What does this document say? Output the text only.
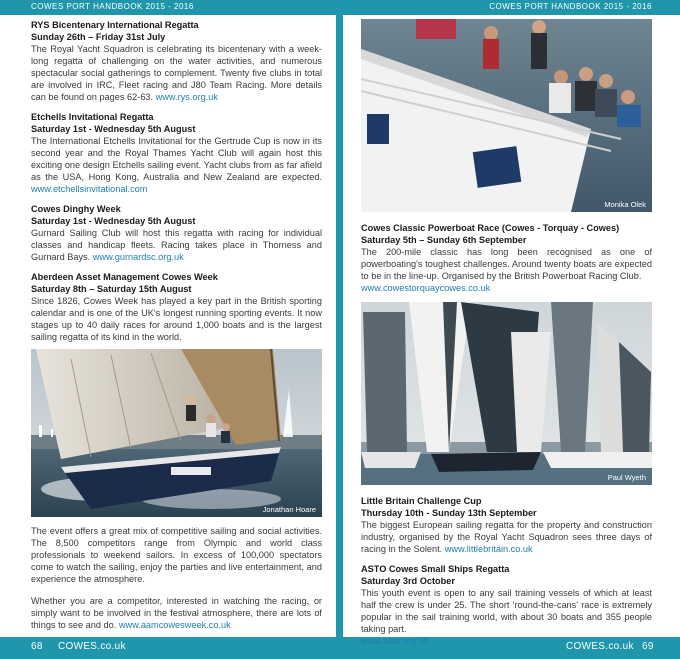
COWES PORT HANDBOOK 2015 - 2016	COWES PORT HANDBOOK 2015 - 2016
RYS Bicentenary International Regatta
Sunday 26th – Friday 31st July
The Royal Yacht Squadron is celebrating its bicentenary with a week-long regatta of challenging on the water activities, and numerous spectacular social gatherings to complement. Twenty five clubs in total are involved in IRC, Fleet racing and J80 Team Racing. More details can be found on pages 62-63. www.rys.org.uk
Etchells Invitational Regatta
Saturday 1st - Wednesday 5th August
The International Etchells Invitational for the Gertrude Cup is now in its second year and the Royal Thames Yacht Club will again host this exciting one design Etchells sailing event. Yacht clubs from as far afield as the USA, Hong Kong, Australia and New Zealand are expected. www.etchellsinvitational.com
Cowes Dinghy Week
Saturday 1st - Wednesday 5th August
Gurnard Sailing Club will host this regatta with racing for individual classes and handicap fleets. Racing takes place in Thorness and Gurnard Bays. www.gurnardsc.org.uk
Aberdeen Asset Management Cowes Week
Saturday 8th – Saturday 15th August
Since 1826, Cowes Week has played a key part in the British sporting calendar and is one of the UK's longest running sporting events. It now stages up to 40 daily races for around 1,000 boats and is the largest sailing regatta of its kind in the world.
Jonathan Hoare
The event offers a great mix of competitive sailing and social activities. The 8,500 competitors range from Olympic and world class professionals to weekend sailors. In excess of 100,000 spectators come to watch the sailing, enjoy the parties and live entertainment, and experience the atmosphere.
Whether you are a competitor, interested in watching the racing, or simply want to be involved in the festival atmosphere, there are lots of things to see and do. www.aamcowesweek.co.uk
Monika Olek
Cowes Classic Powerboat Race (Cowes - Torquay - Cowes)
Saturday 5th – Sunday 6th September
The 200-mile classic has long been recognised as one of powerboating's toughest challenges. Around twenty boats are expected to be in the line-up. Organised by the British Powerboat Racing Club.
www.cowestorquaycowes.co.uk
Paul Wyeth
Little Britain Challenge Cup
Thursday 10th - Sunday 13th September
The biggest European sailing regatta for the property and construction industry, organised by the Royal Yacht Squadron sees three days of racing in the Solent. www.littlebritain.co.uk
ASTO Cowes Small Ships Regatta
Saturday 3rd October
This youth event is open to any sail training vessels of which at least half the crew is under 25. The short 'round-the-cans' race is extremely popular in the sail training world, with about 30 boats and 355 people taking part.
www.asto.org.uk
68 COWES.co.uk	COWES.co.uk 69
